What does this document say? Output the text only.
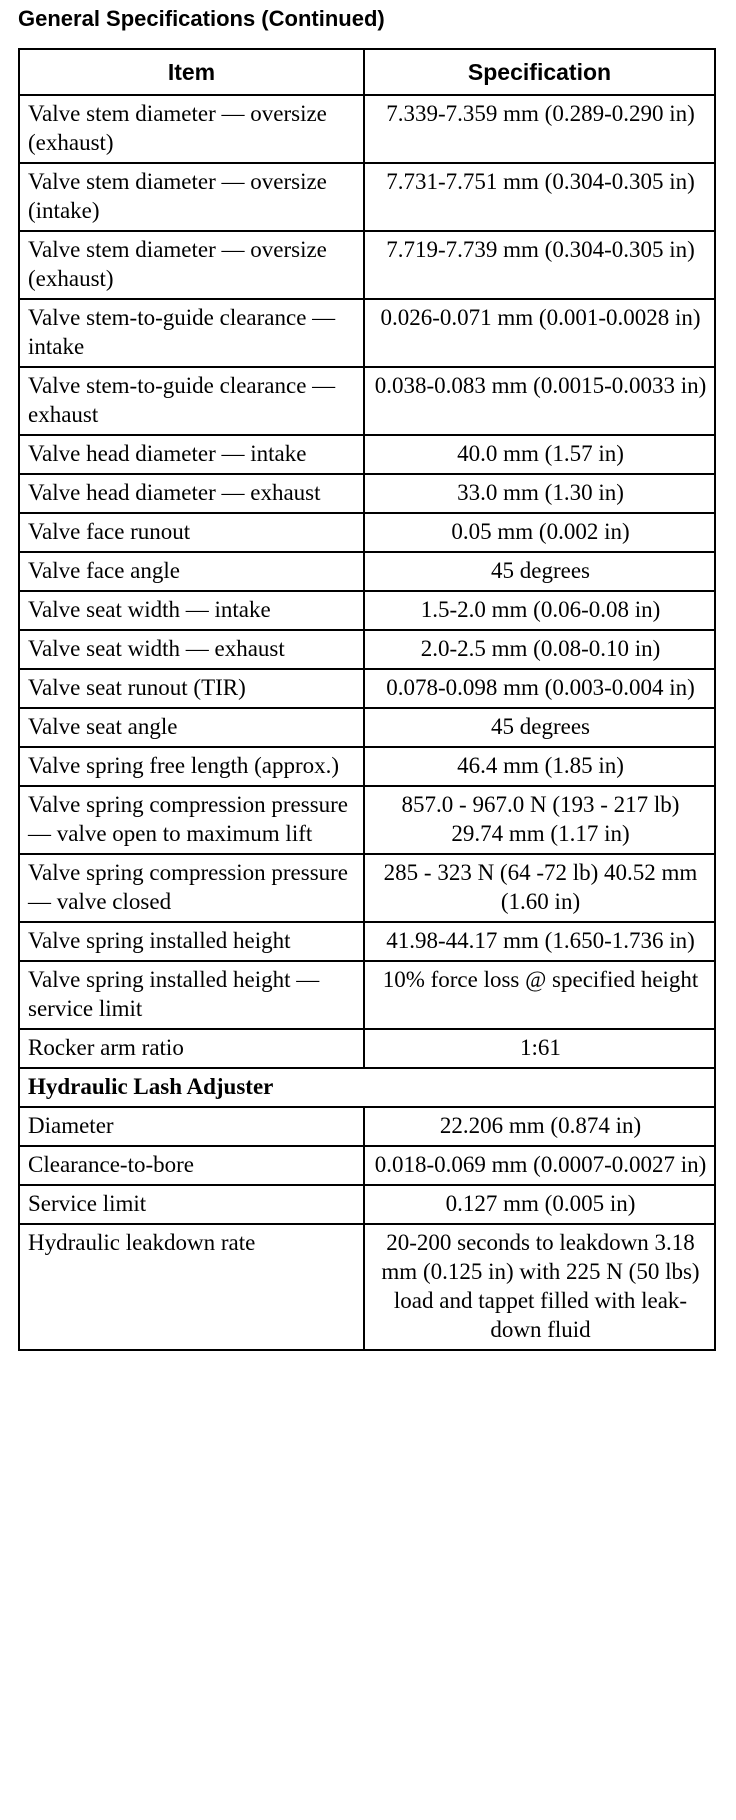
General Specifications (Continued)
Item	Specification
Valve stem diameter — oversize (exhaust)	7.339-7.359 mm (0.289-0.290 in)
Valve stem diameter — oversize (intake)	7.731-7.751 mm (0.304-0.305 in)
Valve stem diameter — oversize (exhaust)	7.719-7.739 mm (0.304-0.305 in)
Valve stem-to-guide clearance — intake	0.026-0.071 mm (0.001-0.0028 in)
Valve stem-to-guide clearance — exhaust	0.038-0.083 mm (0.0015-0.0033 in)
Valve head diameter — intake	40.0 mm (1.57 in)
Valve head diameter — exhaust	33.0 mm (1.30 in)
Valve face runout	0.05 mm (0.002 in)
Valve face angle	45 degrees
Valve seat width — intake	1.5-2.0 mm (0.06-0.08 in)
Valve seat width — exhaust	2.0-2.5 mm (0.08-0.10 in)
Valve seat runout (TIR)	0.078-0.098 mm (0.003-0.004 in)
Valve seat angle	45 degrees
Valve spring free length (approx.)	46.4 mm (1.85 in)
Valve spring compression pressure — valve open to maximum lift	857.0 - 967.0 N (193 - 217 lb) 29.74 mm (1.17 in)
Valve spring compression pressure — valve closed	285 - 323 N (64 -72 lb) 40.52 mm (1.60 in)
Valve spring installed height	41.98-44.17 mm (1.650-1.736 in)
Valve spring installed height — service limit	10% force loss @ specified height
Rocker arm ratio	1:61
Hydraulic Lash Adjuster	
Diameter	22.206 mm (0.874 in)
Clearance-to-bore	0.018-0.069 mm (0.0007-0.0027 in)
Service limit	0.127 mm (0.005 in)
Hydraulic leakdown rate	20-200 seconds to leakdown 3.18 mm (0.125 in) with 225 N (50 lbs) load and tappet filled with leak-down fluid
